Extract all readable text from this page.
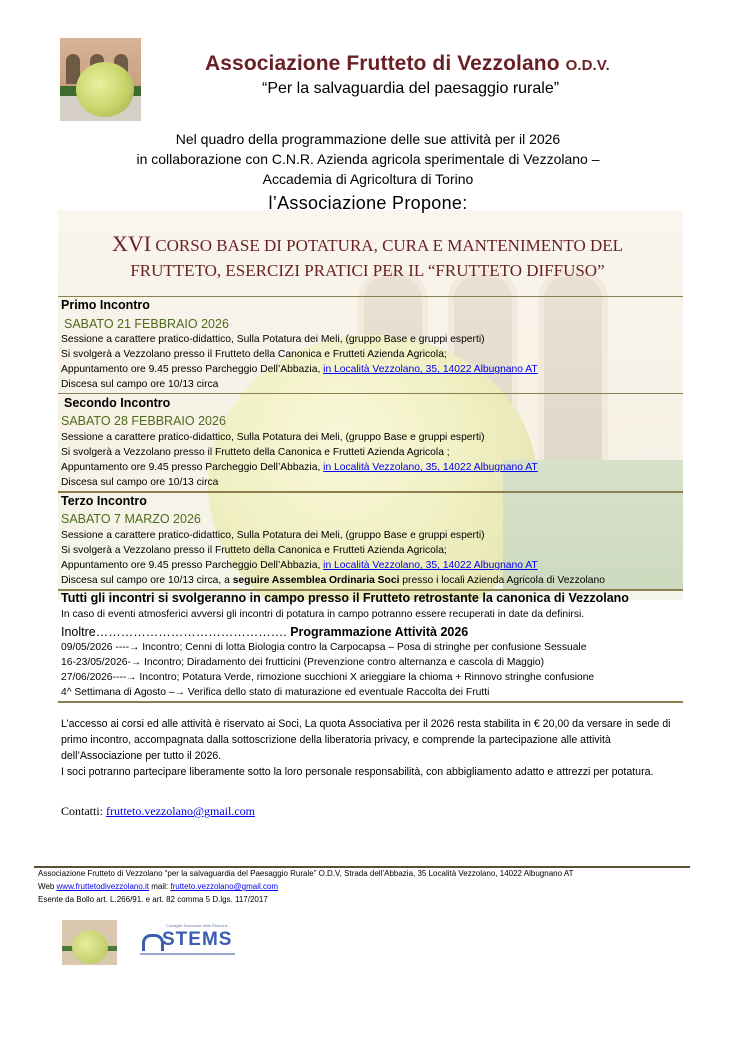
Associazione Frutteto di Vezzolano O.D.V.
“Per la salvaguardia del paesaggio rurale”
Nel quadro della programmazione delle sue attività per il 2026
in collaborazione con C.N.R. Azienda agricola sperimentale di Vezzolano –
Accademia di Agricoltura di Torino
l’Associazione Propone:
XVI CORSO BASE DI POTATURA, CURA E MANTENIMENTO DEL
FRUTTETO, ESERCIZI PRATICI PER IL “FRUTTETO DIFFUSO”
Primo Incontro
SABATO 21 FEBBRAIO 2026
Sessione a carattere pratico-didattico, Sulla Potatura dei Meli, (gruppo Base e gruppi esperti)
Si svolgerà a Vezzolano presso il Frutteto della Canonica e Frutteti Azienda Agricola;
Appuntamento ore 9.45 presso Parcheggio Dell’Abbazia, in Località Vezzolano, 35, 14022 Albugnano AT
Discesa sul campo ore 10/13 circa
Secondo Incontro
SABATO 28 FEBBRAIO 2026
Sessione a carattere pratico-didattico, Sulla Potatura dei Meli, (gruppo Base e gruppi esperti)
Si svolgerà a Vezzolano presso il Frutteto della Canonica e Frutteti Azienda Agricola ;
Appuntamento ore 9.45 presso Parcheggio Dell’Abbazia, in Località Vezzolano, 35, 14022 Albugnano AT
Discesa sul campo ore 10/13 circa
Terzo Incontro
SABATO 7 MARZO 2026
Sessione a carattere pratico-didattico, Sulla Potatura dei Meli, (gruppo Base e gruppi esperti)
Si svolgerà a Vezzolano presso il Frutteto della Canonica e Frutteti Azienda Agricola;
Appuntamento ore 9.45 presso Parcheggio Dell’Abbazia, in Località Vezzolano, 35, 14022 Albugnano AT
Discesa sul campo ore 10/13 circa, a seguire Assemblea Ordinaria Soci presso i locali Azienda Agricola di Vezzolano
Tutti gli incontri si svolgeranno in campo presso il Frutteto retrostante la canonica di Vezzolano
In caso di eventi atmosferici avversi gli incontri di potatura in campo potranno essere recuperati in date da definirsi.
Inoltre………………………………………. Programmazione Attività 2026
09/05/2026 ----→ Incontro; Cenni di lotta Biologia contro la Carpocapsa – Posa di stringhe per confusione Sessuale
16-23/05/2026-→ Incontro; Diradamento dei frutticini (Prevenzione contro alternanza e cascola di Maggio)
27/06/2026----→ Incontro; Potatura Verde, rimozione succhioni X arieggiare la chioma + Rinnovo stringhe confusione
4^ Settimana di Agosto –→ Verifica dello stato di maturazione ed eventuale Raccolta dei Frutti
L’accesso ai corsi ed alle attività è riservato ai Soci, La quota Associativa per il 2026 resta stabilita in € 20,00 da versare in sede di primo incontro, accompagnata dalla sottoscrizione della liberatoria privacy, e comprende la partecipazione alle attività dell’Associazione per tutto il 2026.
I soci potranno partecipare liberamente sotto la loro personale responsabilità, con abbigliamento adatto e attrezzi per potatura.
Contatti: frutteto.vezzolano@gmail.com
Associazione Frutteto di Vezzolano “per la salvaguardia del Paesaggio Rurale” O.D.V, Strada dell’Abbazia, 35 Località Vezzolano, 14022 Albugnano AT
Web www.fruttetodivezzolano.it mail: frutteto.vezzolano@gmail.com
Esente da Bollo art. L.266/91. e art. 82 comma 5 D.lgs. 117/2017
Consiglio Nazionale delle Ricerche
STEMS
